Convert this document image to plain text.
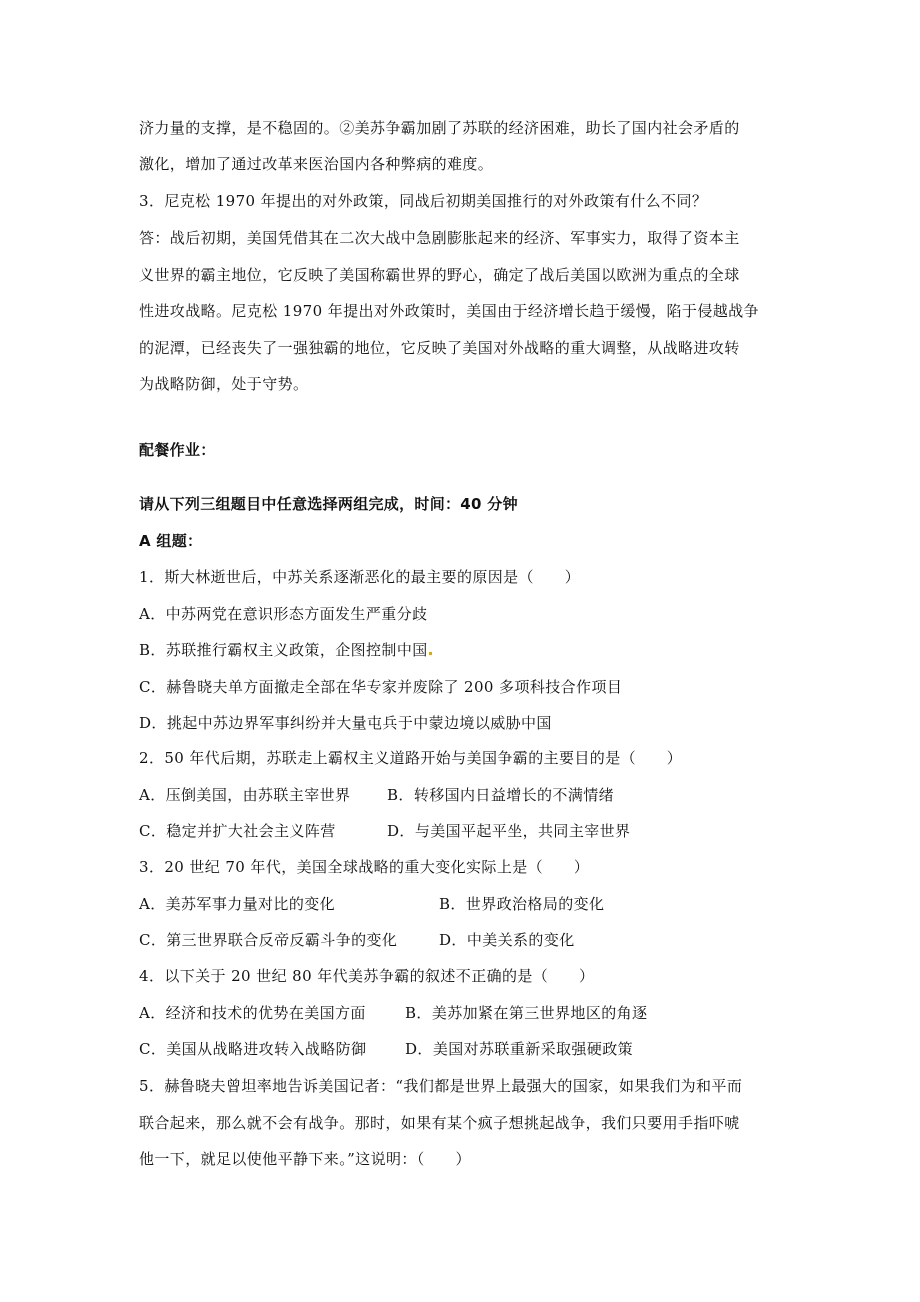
济力量的支撑，是不稳固的。②美苏争霸加剧了苏联的经济困难，助长了国内社会矛盾的
激化，增加了通过改革来医治国内各种弊病的难度。
3．尼克松 1970 年提出的对外政策，同战后初期美国推行的对外政策有什么不同？
答：战后初期，美国凭借其在二次大战中急剧膨胀起来的经济、军事实力，取得了资本主
义世界的霸主地位，它反映了美国称霸世界的野心，确定了战后美国以欧洲为重点的全球
性进攻战略。尼克松 1970 年提出对外政策时，美国由于经济增长趋于缓慢，陷于侵越战争
的泥潭，已经丧失了一强独霸的地位，它反映了美国对外战略的重大调整，从战略进攻转
为战略防御，处于守势。
配餐作业：
请从下列三组题目中任意选择两组完成，时间：40 分钟
A 组题：
1．斯大林逝世后，中苏关系逐渐恶化的最主要的原因是（　　）
A．中苏两党在意识形态方面发生严重分歧
B．苏联推行霸权主义政策，企图控制中国
C．赫鲁晓夫单方面撤走全部在华专家并废除了 200 多项科技合作项目
D．挑起中苏边界军事纠纷并大量屯兵于中蒙边境以威胁中国
2．50 年代后期，苏联走上霸权主义道路开始与美国争霸的主要目的是（　　）
A．压倒美国，由苏联主宰世界 B．转移国内日益增长的不满情绪
C．稳定并扩大社会主义阵营	D．与美国平起平坐，共同主宰世界
3．20 世纪 70 年代，美国全球战略的重大变化实际上是（　　）
A．美苏军事力量对比的变化	B．世界政治格局的变化
C．第三世界联合反帝反霸斗争的变化	D．中美关系的变化
4．以下关于 20 世纪 80 年代美苏争霸的叙述不正确的是（　　）
A．经济和技术的优势在美国方面	B．美苏加紧在第三世界地区的角逐
C．美国从战略进攻转入战略防御	D．美国对苏联重新采取强硬政策
5．赫鲁晓夫曾坦率地告诉美国记者：“我们都是世界上最强大的国家，如果我们为和平而
联合起来，那么就不会有战争。那时，如果有某个疯子想挑起战争，我们只要用手指吓唬
他一下，就足以使他平静下来。”这说明：（　　）
